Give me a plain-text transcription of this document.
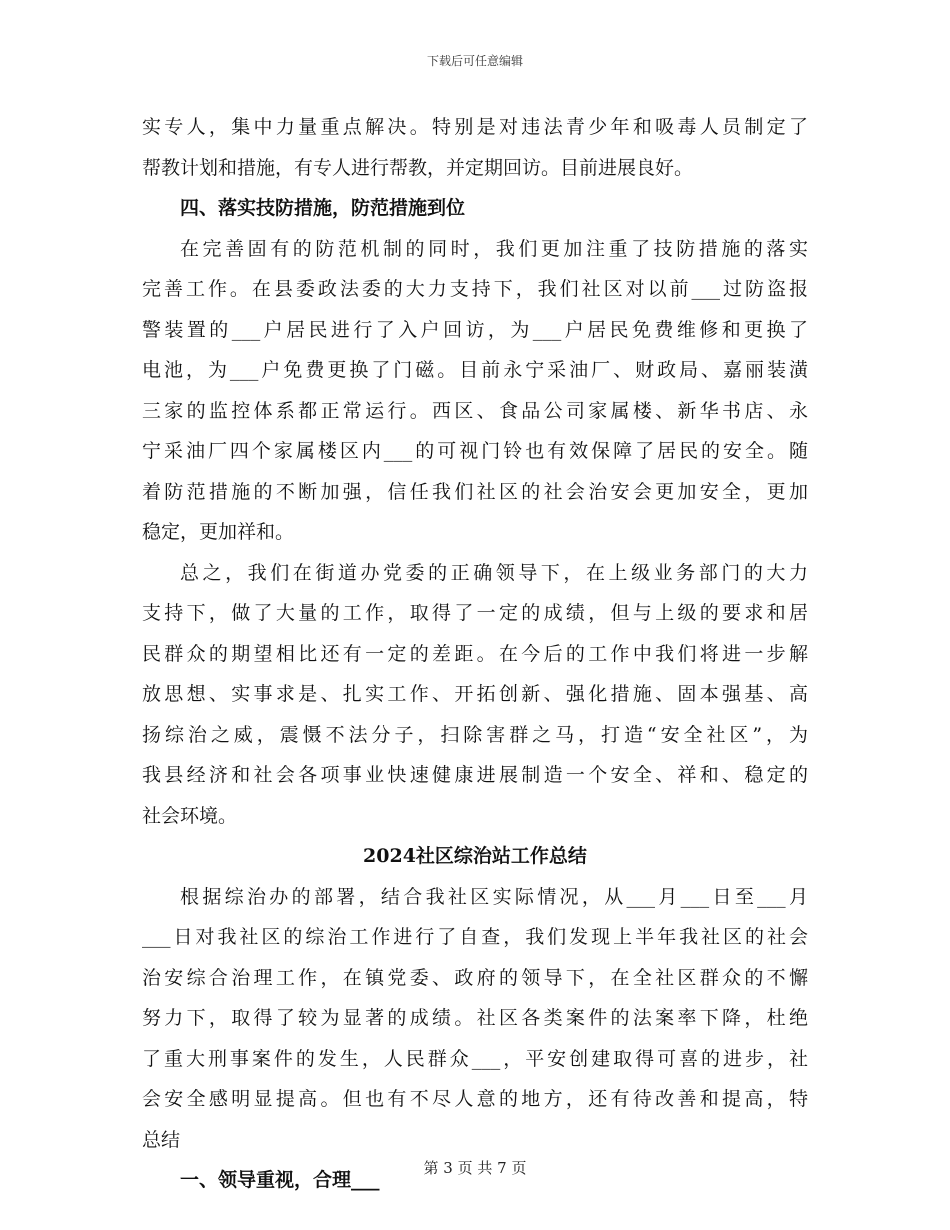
下载后可任意编辑
实专人，集中力量重点解决。特别是对违法青少年和吸毒人员制定了
帮教计划和措施，有专人进行帮教，并定期回访。目前进展良好。
四、落实技防措施，防范措施到位
在完善固有的防范机制的同时，我们更加注重了技防措施的落实
完善工作。在县委政法委的大力支持下，我们社区对以前___过防盗报
警装置的___户居民进行了入户回访，为___户居民免费维修和更换了
电池，为___户免费更换了门磁。目前永宁采油厂、财政局、嘉丽装潢
三家的监控体系都正常运行。西区、食品公司家属楼、新华书店、永
宁采油厂四个家属楼区内___的可视门铃也有效保障了居民的安全。随
着防范措施的不断加强，信任我们社区的社会治安会更加安全，更加
稳定，更加祥和。
总之，我们在街道办党委的正确领导下，在上级业务部门的大力
支持下，做了大量的工作，取得了一定的成绩，但与上级的要求和居
民群众的期望相比还有一定的差距。在今后的工作中我们将进一步解
放思想、实事求是、扎实工作、开拓创新、强化措施、固本强基、高
扬综治之威，震慑不法分子，扫除害群之马，打造“安全社区”，为
我县经济和社会各项事业快速健康进展制造一个安全、祥和、稳定的
社会环境。
2024社区综治站工作总结
根据综治办的部署，结合我社区实际情况，从___月___日至___月
___日对我社区的综治工作进行了自查，我们发现上半年我社区的社会
治安综合治理工作，在镇党委、政府的领导下，在全社区群众的不懈
努力下，取得了较为显著的成绩。社区各类案件的法案率下降，杜绝
了重大刑事案件的发生，人民群众___，平安创建取得可喜的进步，社
会安全感明显提高。但也有不尽人意的地方，还有待改善和提高，特
总结
一、领导重视，合理___
第 3 页 共 7 页
